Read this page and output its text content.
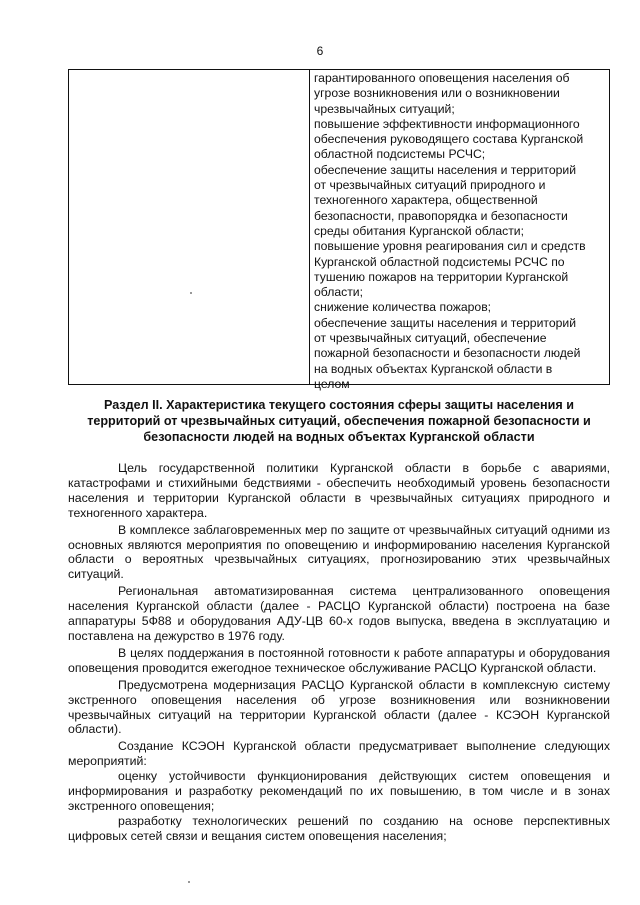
6
гарантированного оповещения населения об
угрозе возникновения или о возникновении
чрезвычайных ситуаций;
повышение эффективности информационного
обеспечения руководящего состава Курганской
областной подсистемы РСЧС;
обеспечение защиты населения и территорий
от чрезвычайных ситуаций природного и
техногенного характера, общественной
безопасности, правопорядка и безопасности
среды обитания Курганской области;
повышение уровня реагирования сил и средств
Курганской областной подсистемы РСЧС по
тушению пожаров на территории Курганской
области;
снижение количества пожаров;
обеспечение защиты населения и территорий
от чрезвычайных ситуаций, обеспечение
пожарной безопасности и безопасности людей
на водных объектах Курганской области в
целом
Раздел II. Характеристика текущего состояния сферы защиты населения и территорий от чрезвычайных ситуаций, обеспечения пожарной безопасности и безопасности людей на водных объектах Курганской области

Цель государственной политики Курганской области в борьбе с авариями, катастрофами и стихийными бедствиями - обеспечить необходимый уровень безопасности населения и территории Курганской области в чрезвычайных ситуациях природного и техногенного характера.

В комплексе заблаговременных мер по защите от чрезвычайных ситуаций одними из основных являются мероприятия по оповещению и информированию населения Курганской области о вероятных чрезвычайных ситуациях, прогнозированию этих чрезвычайных ситуаций.

Региональная автоматизированная система централизованного оповещения населения Курганской области (далее - РАСЦО Курганской области) построена на базе аппаратуры 5Ф88 и оборудования АДУ-ЦВ 60-х годов выпуска, введена в эксплуатацию и поставлена на дежурство в 1976 году.

В целях поддержания в постоянной готовности к работе аппаратуры и оборудования оповещения проводится ежегодное техническое обслуживание РАСЦО Курганской области.

Предусмотрена модернизация РАСЦО Курганской области в комплексную систему экстренного оповещения населения об угрозе возникновения или возникновении чрезвычайных ситуаций на территории Курганской области (далее - КСЭОН Курганской области).

Создание КСЭОН Курганской области предусматривает выполнение следующих мероприятий:

оценку устойчивости функционирования действующих систем оповещения и информирования и разработку рекомендаций по их повышению, в том числе и в зонах экстренного оповещения;

разработку технологических решений по созданию на основе перспективных цифровых сетей связи и вещания систем оповещения населения;
